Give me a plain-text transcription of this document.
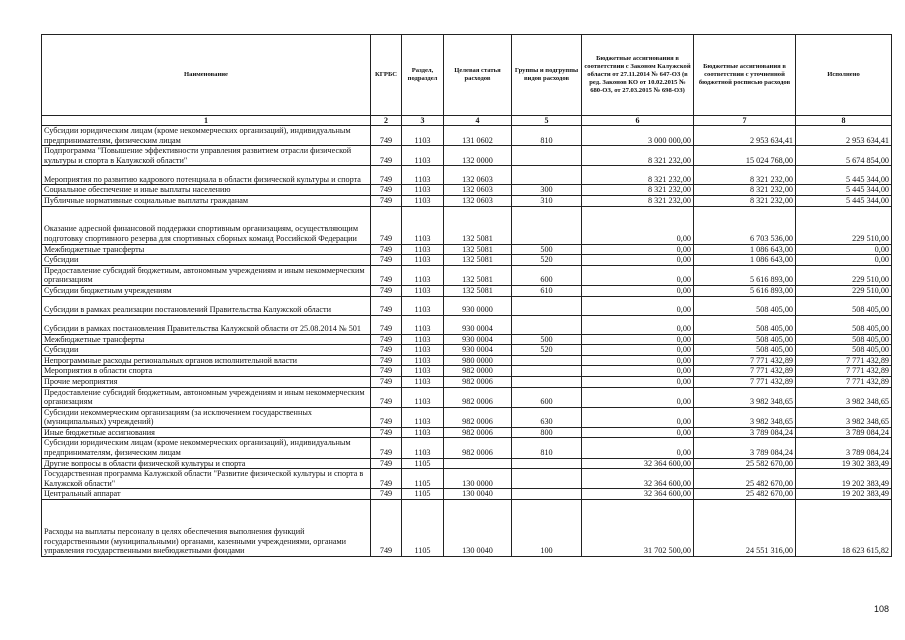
Наименование	КГРБС	Раздел, подраздел	Целевая статья расходов	Группы и подгруппы видов расходов	Бюджетные ассигнования в соответствии с Законом Калужской области от 27.11.2014 № 647-ОЗ (в ред. Законов КО от 10.02.2015 № 680-ОЗ, от 27.03.2015 № 698-ОЗ)	Бюджетные ассигнования в соответствии с уточненной бюджетной росписью расходов	Исполнено
1	2	3	4	5	6	7	8
Субсидии юридическим лицам (кроме некоммерческих организаций), индивидуальным предпринимателям, физическим лицам	749	1103	131 0602	810	3 000 000,00	2 953 634,41	2 953 634,41
Подпрограмма "Повышение эффективности управления развитием отрасли физической культуры и спорта в Калужской области"	749	1103	132 0000		8 321 232,00	15 024 768,00	5 674 854,00
Мероприятия по развитию кадрового потенциала в области физической культуры и спорта	749	1103	132 0603		8 321 232,00	8 321 232,00	5 445 344,00
Социальное обеспечение и иные выплаты населению	749	1103	132 0603	300	8 321 232,00	8 321 232,00	5 445 344,00
Публичные нормативные социальные выплаты гражданам	749	1103	132 0603	310	8 321 232,00	8 321 232,00	5 445 344,00
Оказание адресной финансовой поддержки спортивным организациям, осуществляющим подготовку спортивного резерва для спортивных сборных команд Российской Федерации	749	1103	132 5081		0,00	6 703 536,00	229 510,00
Межбюджетные трансферты	749	1103	132 5081	500	0,00	1 086 643,00	0,00
Субсидии	749	1103	132 5081	520	0,00	1 086 643,00	0,00
Предоставление субсидий бюджетным, автономным учреждениям и иным некоммерческим организациям	749	1103	132 5081	600	0,00	5 616 893,00	229 510,00
Субсидии бюджетным учреждениям	749	1103	132 5081	610	0,00	5 616 893,00	229 510,00
Субсидии в рамках реализации постановлений Правительства Калужской области	749	1103	930 0000		0,00	508 405,00	508 405,00
Субсидии в рамках постановления Правительства Калужской области от 25.08.2014 № 501	749	1103	930 0004		0,00	508 405,00	508 405,00
Межбюджетные трансферты	749	1103	930 0004	500	0,00	508 405,00	508 405,00
Субсидии	749	1103	930 0004	520	0,00	508 405,00	508 405,00
Непрограммные расходы региональных органов исполнительной власти	749	1103	980 0000		0,00	7 771 432,89	7 771 432,89
Мероприятия в области спорта	749	1103	982 0000		0,00	7 771 432,89	7 771 432,89
Прочие мероприятия	749	1103	982 0006		0,00	7 771 432,89	7 771 432,89
Предоставление субсидий бюджетным, автономным учреждениям и иным некоммерческим организациям	749	1103	982 0006	600	0,00	3 982 348,65	3 982 348,65
Субсидии некоммерческим организациям (за исключением государственных (муниципальных) учреждений)	749	1103	982 0006	630	0,00	3 982 348,65	3 982 348,65
Иные бюджетные ассигнования	749	1103	982 0006	800	0,00	3 789 084,24	3 789 084,24
Субсидии юридическим лицам (кроме некоммерческих организаций), индивидуальным предпринимателям, физическим лицам	749	1103	982 0006	810	0,00	3 789 084,24	3 789 084,24
Другие вопросы в области физической культуры и спорта	749	1105			32 364 600,00	25 582 670,00	19 302 383,49
Государственная программа Калужской области "Развитие физической культуры и спорта в Калужской области"	749	1105	130 0000		32 364 600,00	25 482 670,00	19 202 383,49
Центральный аппарат	749	1105	130 0040		32 364 600,00	25 482 670,00	19 202 383,49
Расходы на выплаты персоналу в целях обеспечения выполнения функций государственными (муниципальными) органами, казенными учреждениями, органами управления государственными внебюджетными фондами	749	1105	130 0040	100	31 702 500,00	24 551 316,00	18 623 615,82
108
